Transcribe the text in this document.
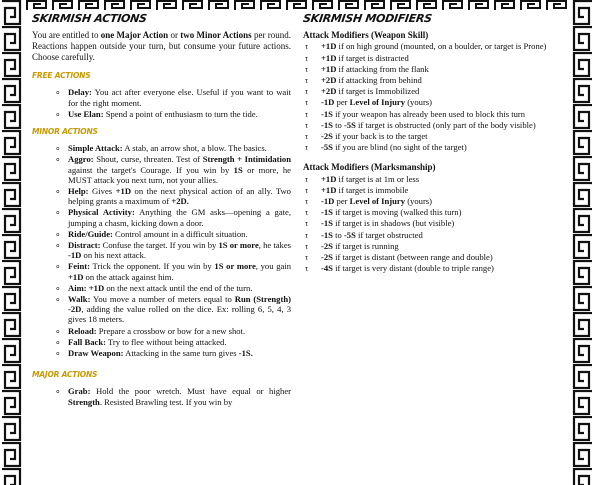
SKIRMISH ACTIONS

You are entitled to one Major Action or two Minor Actions per round. Reactions happen outside your turn, but consume your future actions. Choose carefully.

FREE ACTIONS
∘ Delay: You act after everyone else. Useful if you want to wait for the right moment.
∘ Use Elan: Spend a point of enthusiasm to turn the tide.
MINOR ACTIONS
∘ Simple Attack: A stab, an arrow shot, a blow. The basics.
∘ Aggro: Shout, curse, threaten. Test of Strength + Intimidation against the target's Courage. If you win by 1S or more, he MUST attack you next turn, not your allies.
∘ Help: Gives +1D on the next physical action of an ally. Two helping grants a maximum of +2D.
∘ Physical Activity: Anything the GM asks—opening a gate, jumping a chasm, kicking down a door.
∘ Ride/Guide: Control amount in a difficult situation.
∘ Distract: Confuse the target. If you win by 1S or more, he takes -1D on his next attack.
∘ Feint: Trick the opponent. If you win by 1S or more, you gain +1D on the attack against him.
∘ Aim: +1D on the next attack until the end of the turn.
∘ Walk: You move a number of meters equal to Run (Strength) -2D, adding the value rolled on the dice. Ex: rolling 6, 5, 4, 3 gives 18 meters.
∘ Reload: Prepare a crossbow or bow for a new shot.
∘ Fall Back: Try to flee without being attacked.
∘ Draw Weapon: Attacking in the same turn gives -1S.
MAJOR ACTIONS
∘ Grab: Hold the poor wretch. Must have equal or higher Strength. Resisted Brawling test. If you win by
SKIRMISH MODIFIERS
Attack Modifiers (Weapon Skill)
τ +1D if on high ground (mounted, on a boulder, or target is Prone)
τ +1D if target is distracted
τ +1D if attacking from the flank
τ +2D if attacking from behind
τ +2D if target is Immobilized
τ -1D per Level of Injury (yours)
τ -1S if your weapon has already been used to block this turn
τ -1S to -5S if target is obstructed (only part of the body visible)
τ -2S if your back is to the target
τ -5S if you are blind (no sight of the target)
Attack Modifiers (Marksmanship)
τ +1D if target is at 1m or less
τ +1D if target is immobile
τ -1D per Level of Injury (yours)
τ -1S if target is moving (walked this turn)
τ -1S if target is in shadows (but visible)
τ -1S to -5S if target obstructed
τ -2S if target is running
τ -2S if target is distant (between range and double)
τ -4S if target is very distant (double to triple range)
